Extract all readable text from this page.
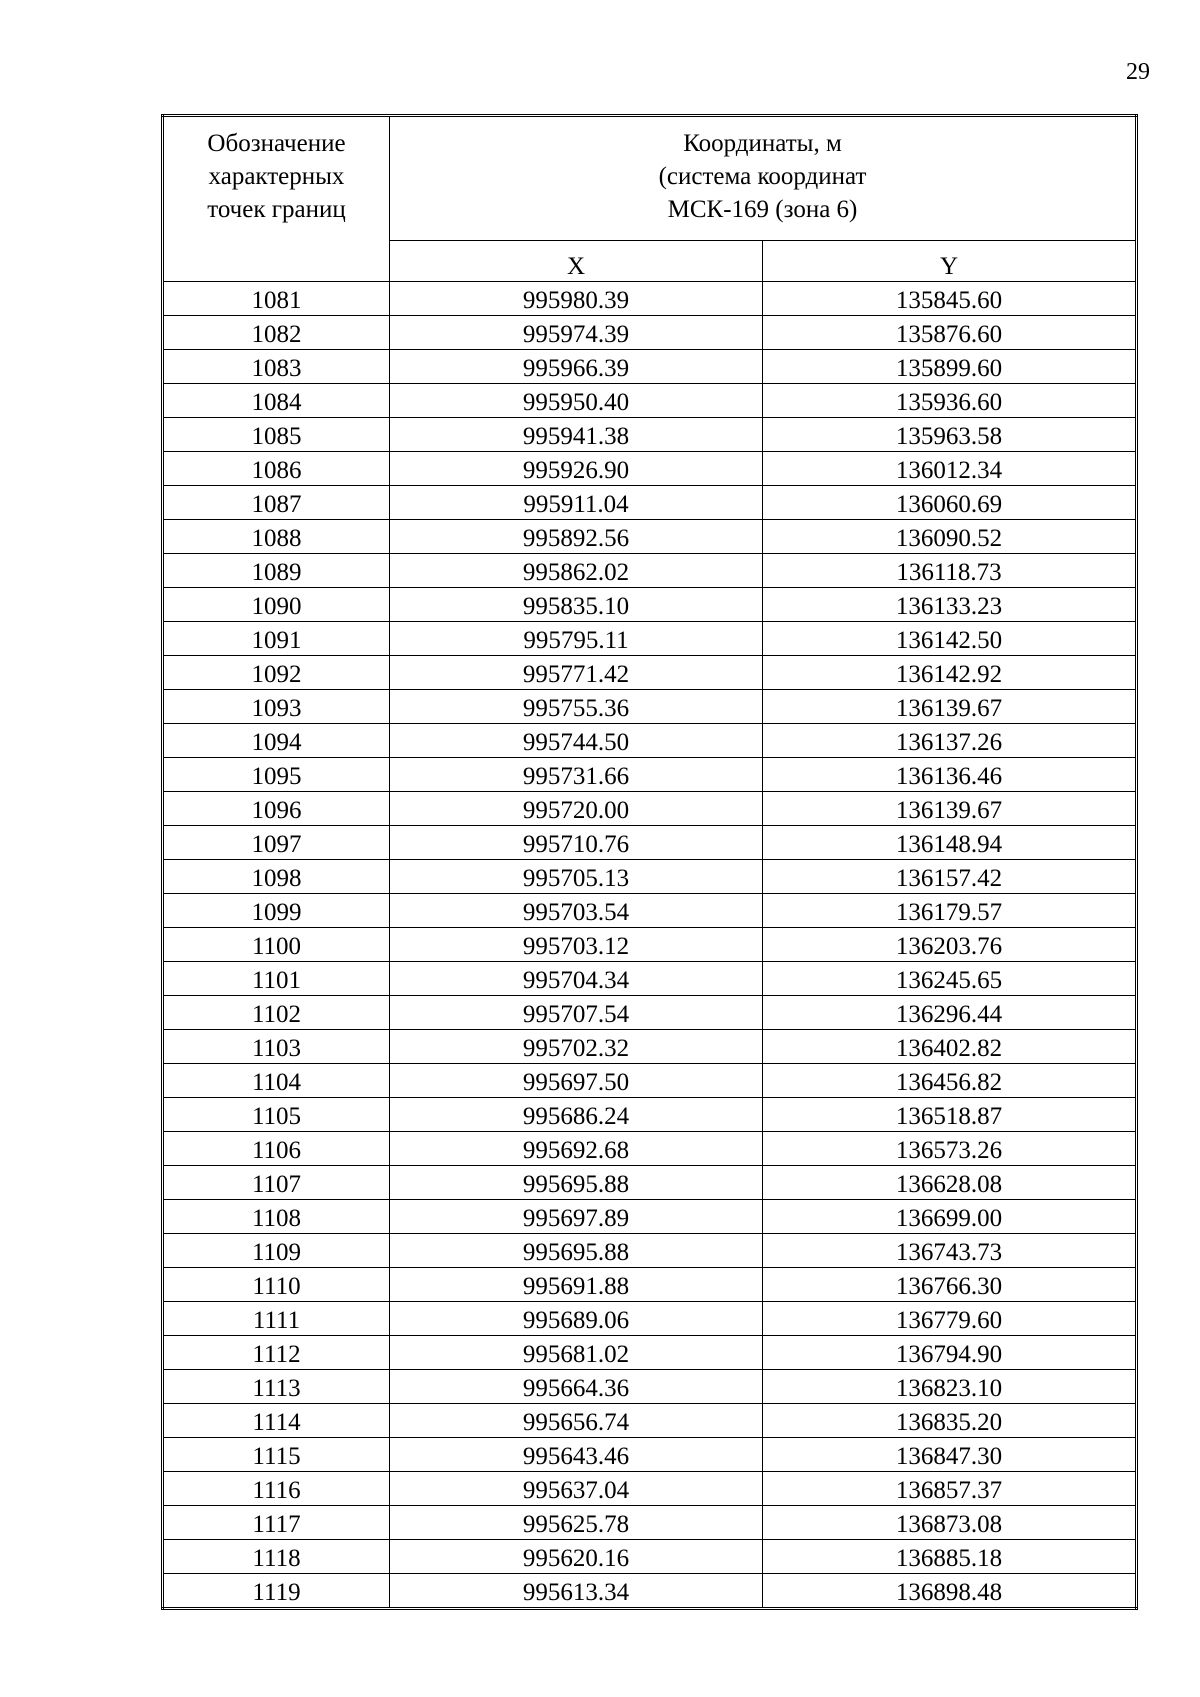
29
Обозначение
характерных
точек границ	Координаты, м
(система координат
МСК-169 (зона 6)	

	X	Y
1081	995980.39	135845.60
1082	995974.39	135876.60
1083	995966.39	135899.60
1084	995950.40	135936.60
1085	995941.38	135963.58
1086	995926.90	136012.34
1087	995911.04	136060.69
1088	995892.56	136090.52
1089	995862.02	136118.73
1090	995835.10	136133.23
1091	995795.11	136142.50
1092	995771.42	136142.92
1093	995755.36	136139.67
1094	995744.50	136137.26
1095	995731.66	136136.46
1096	995720.00	136139.67
1097	995710.76	136148.94
1098	995705.13	136157.42
1099	995703.54	136179.57
1100	995703.12	136203.76
1101	995704.34	136245.65
1102	995707.54	136296.44
1103	995702.32	136402.82
1104	995697.50	136456.82
1105	995686.24	136518.87
1106	995692.68	136573.26
1107	995695.88	136628.08
1108	995697.89	136699.00
1109	995695.88	136743.73
1110	995691.88	136766.30
1111	995689.06	136779.60
1112	995681.02	136794.90
1113	995664.36	136823.10
1114	995656.74	136835.20
1115	995643.46	136847.30
1116	995637.04	136857.37
1117	995625.78	136873.08
1118	995620.16	136885.18
1119	995613.34	136898.48
